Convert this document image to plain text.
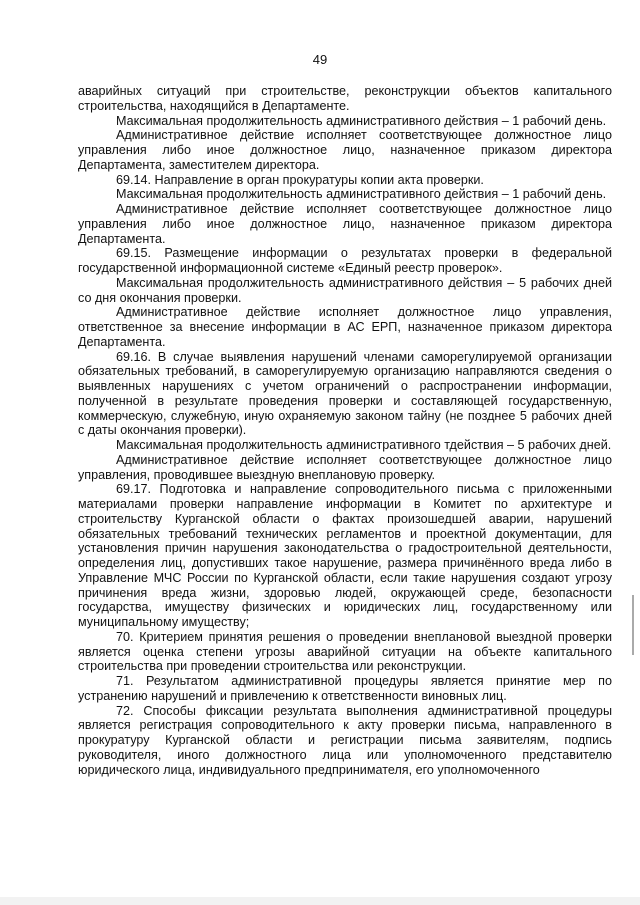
49

аварийных ситуаций при строительстве, реконструкции объектов капитального строительства, находящийся в Департаменте.

Максимальная продолжительность административного действия – 1 рабочий день.

Административное действие исполняет соответствующее должностное лицо управления либо иное должностное лицо, назначенное приказом директора Департамента, заместителем директора.

69.14. Направление в орган прокуратуры копии акта проверки.

Максимальная продолжительность административного действия – 1 рабочий день.

Административное действие исполняет соответствующее должностное лицо управления либо иное должностное лицо, назначенное приказом директора Департамента.

69.15. Размещение информации о результатах проверки в федеральной государственной информационной системе «Единый реестр проверок».

Максимальная продолжительность административного действия – 5 рабочих дней со дня окончания проверки.

Административное действие исполняет должностное лицо управления, ответственное за внесение информации в АС ЕРП, назначенное приказом директора Департамента.

69.16. В случае выявления нарушений членами саморегулируемой организации обязательных требований, в саморегулируемую организацию направляются сведения о выявленных нарушениях с учетом ограничений о распространении информации, полученной в результате проведения проверки и составляющей государственную, коммерческую, служебную, иную охраняемую законом тайну (не позднее 5 рабочих дней с даты окончания проверки).

Максимальная продолжительность административного тдействия – 5 рабочих дней.

Административное действие исполняет соответствующее должностное лицо управления, проводившее выездную внеплановую проверку.

69.17. Подготовка и направление сопроводительного письма с приложенными материалами проверки направление информации в Комитет по архитектуре и строительству Курганской области о фактах произошедшей аварии, нарушений обязательных требований технических регламентов и проектной документации, для установления причин нарушения законодательства о градостроительной деятельности, определения лиц, допустивших такое нарушение, размера причинённого вреда либо в Управление МЧС России по Курганской области, если такие нарушения создают угрозу причинения вреда жизни, здоровью людей, окружающей среде, безопасности государства, имуществу физических и юридических лиц, государственному или муниципальному имуществу;

70. Критерием принятия решения о проведении внеплановой выездной проверки является оценка степени угрозы аварийной ситуации на объекте капитального строительства при проведении строительства или реконструкции.

71. Результатом административной процедуры является принятие мер по устранению нарушений и привлечению к ответственности виновных лиц.

72. Способы фиксации результата выполнения административной процедуры является регистрация сопроводительного к акту проверки письма, направленного в прокуратуру Курганской области и регистрации письма заявителям, подпись руководителя, иного должностного лица или уполномоченного представителю юридического лица, индивидуального предпринимателя, его уполномоченного
